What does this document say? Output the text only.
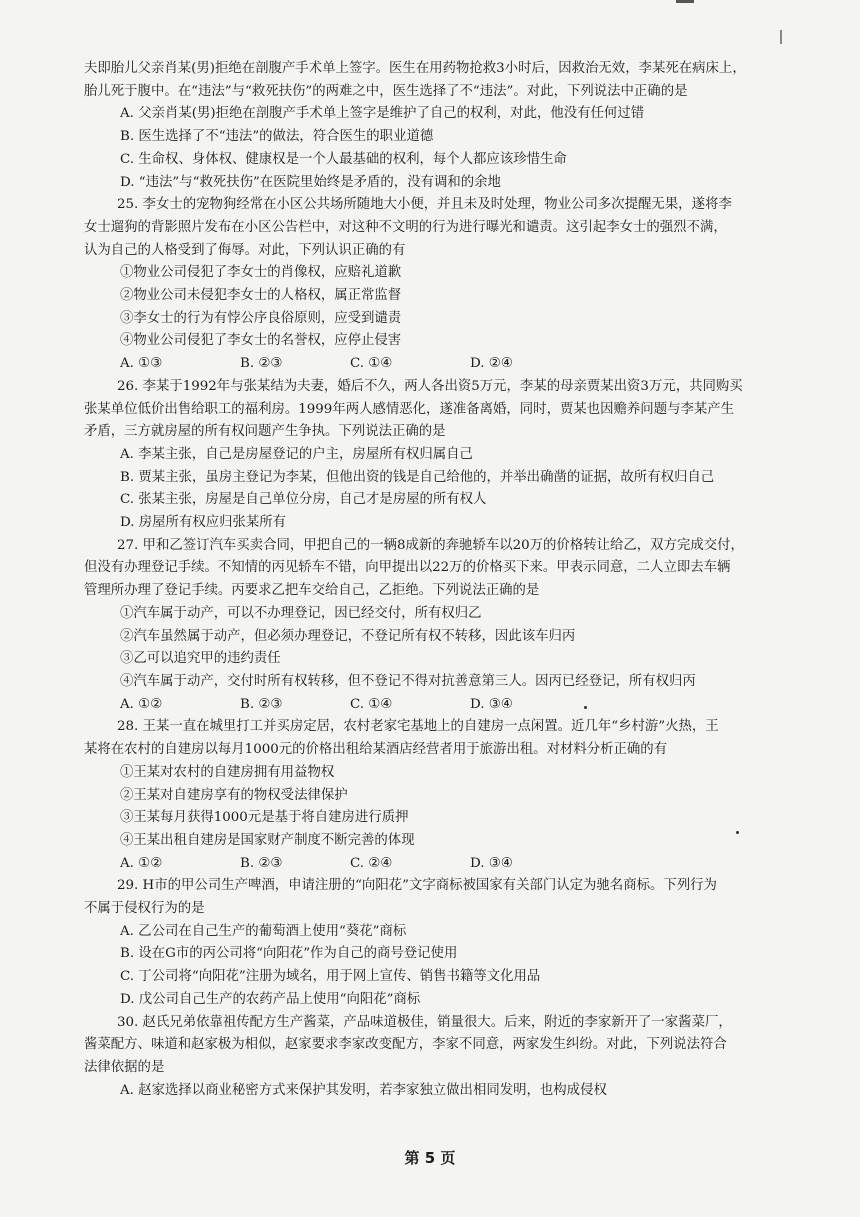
夫即胎儿父亲肖某(男)拒绝在剖腹产手术单上签字。医生在用药物抢救3小时后，因救治无效，李某死在病床上，
胎儿死于腹中。在“违法”与“救死扶伤”的两难之中，医生选择了不“违法”。对此，下列说法中正确的是
A. 父亲肖某(男)拒绝在剖腹产手术单上签字是维护了自己的权利，对此，他没有任何过错
B. 医生选择了不“违法”的做法，符合医生的职业道德
C. 生命权、身体权、健康权是一个人最基础的权利，每个人都应该珍惜生命
D. “违法”与“救死扶伤”在医院里始终是矛盾的，没有调和的余地
25. 李女士的宠物狗经常在小区公共场所随地大小便，并且未及时处理，物业公司多次提醒无果，遂将李
女士遛狗的背影照片发布在小区公告栏中，对这种不文明的行为进行曝光和谴责。这引起李女士的强烈不满，
认为自己的人格受到了侮辱。对此，下列认识正确的有
①物业公司侵犯了李女士的肖像权，应赔礼道歉
②物业公司未侵犯李女士的人格权，属正常监督
③李女士的行为有悖公序良俗原则，应受到谴责
④物业公司侵犯了李女士的名誉权，应停止侵害
A. ①③	B. ②③	C. ①④	D. ②④
26. 李某于1992年与张某结为夫妻，婚后不久，两人各出资5万元，李某的母亲贾某出资3万元，共同购买
张某单位低价出售给职工的福利房。1999年两人感情恶化，遂准备离婚，同时，贾某也因赡养问题与李某产生
矛盾，三方就房屋的所有权问题产生争执。下列说法正确的是
A. 李某主张，自己是房屋登记的户主，房屋所有权归属自己
B. 贾某主张，虽房主登记为李某，但他出资的钱是自己给他的，并举出确凿的证据，故所有权归自己
C. 张某主张，房屋是自己单位分房，自己才是房屋的所有权人
D. 房屋所有权应归张某所有
27. 甲和乙签订汽车买卖合同，甲把自己的一辆8成新的奔驰轿车以20万的价格转让给乙，双方完成交付，
但没有办理登记手续。不知情的丙见轿车不错，向甲提出以22万的价格买下来。甲表示同意，二人立即去车辆
管理所办理了登记手续。丙要求乙把车交给自己，乙拒绝。下列说法正确的是
①汽车属于动产，可以不办理登记，因已经交付，所有权归乙
②汽车虽然属于动产，但必须办理登记，不登记所有权不转移，因此该车归丙
③乙可以追究甲的违约责任
④汽车属于动产，交付时所有权转移，但不登记不得对抗善意第三人。因丙已经登记，所有权归丙
A. ①②	B. ②③	C. ①④	D. ③④
28. 王某一直在城里打工并买房定居，农村老家宅基地上的自建房一点闲置。近几年“乡村游”火热，王
某将在农村的自建房以每月1000元的价格出租给某酒店经营者用于旅游出租。对材料分析正确的有
①王某对农村的自建房拥有用益物权
②王某对自建房享有的物权受法律保护
③王某每月获得1000元是基于将自建房进行质押
④王某出租自建房是国家财产制度不断完善的体现
A. ①②	B. ②③	C. ②④	D. ③④
29. H市的甲公司生产啤酒，申请注册的“向阳花”文字商标被国家有关部门认定为驰名商标。下列行为
不属于侵权行为的是
A. 乙公司在自己生产的葡萄酒上使用“葵花”商标
B. 设在G市的丙公司将“向阳花”作为自己的商号登记使用
C. 丁公司将“向阳花”注册为域名，用于网上宣传、销售书籍等文化用品
D. 戊公司自己生产的农药产品上使用“向阳花”商标
30. 赵氏兄弟依靠祖传配方生产酱菜，产品味道极佳，销量很大。后来，附近的李家新开了一家酱菜厂，
酱菜配方、味道和赵家极为相似，赵家要求李家改变配方，李家不同意，两家发生纠纷。对此，下列说法符合
法律依据的是
A. 赵家选择以商业秘密方式来保护其发明，若李家独立做出相同发明，也构成侵权
第 5 页
